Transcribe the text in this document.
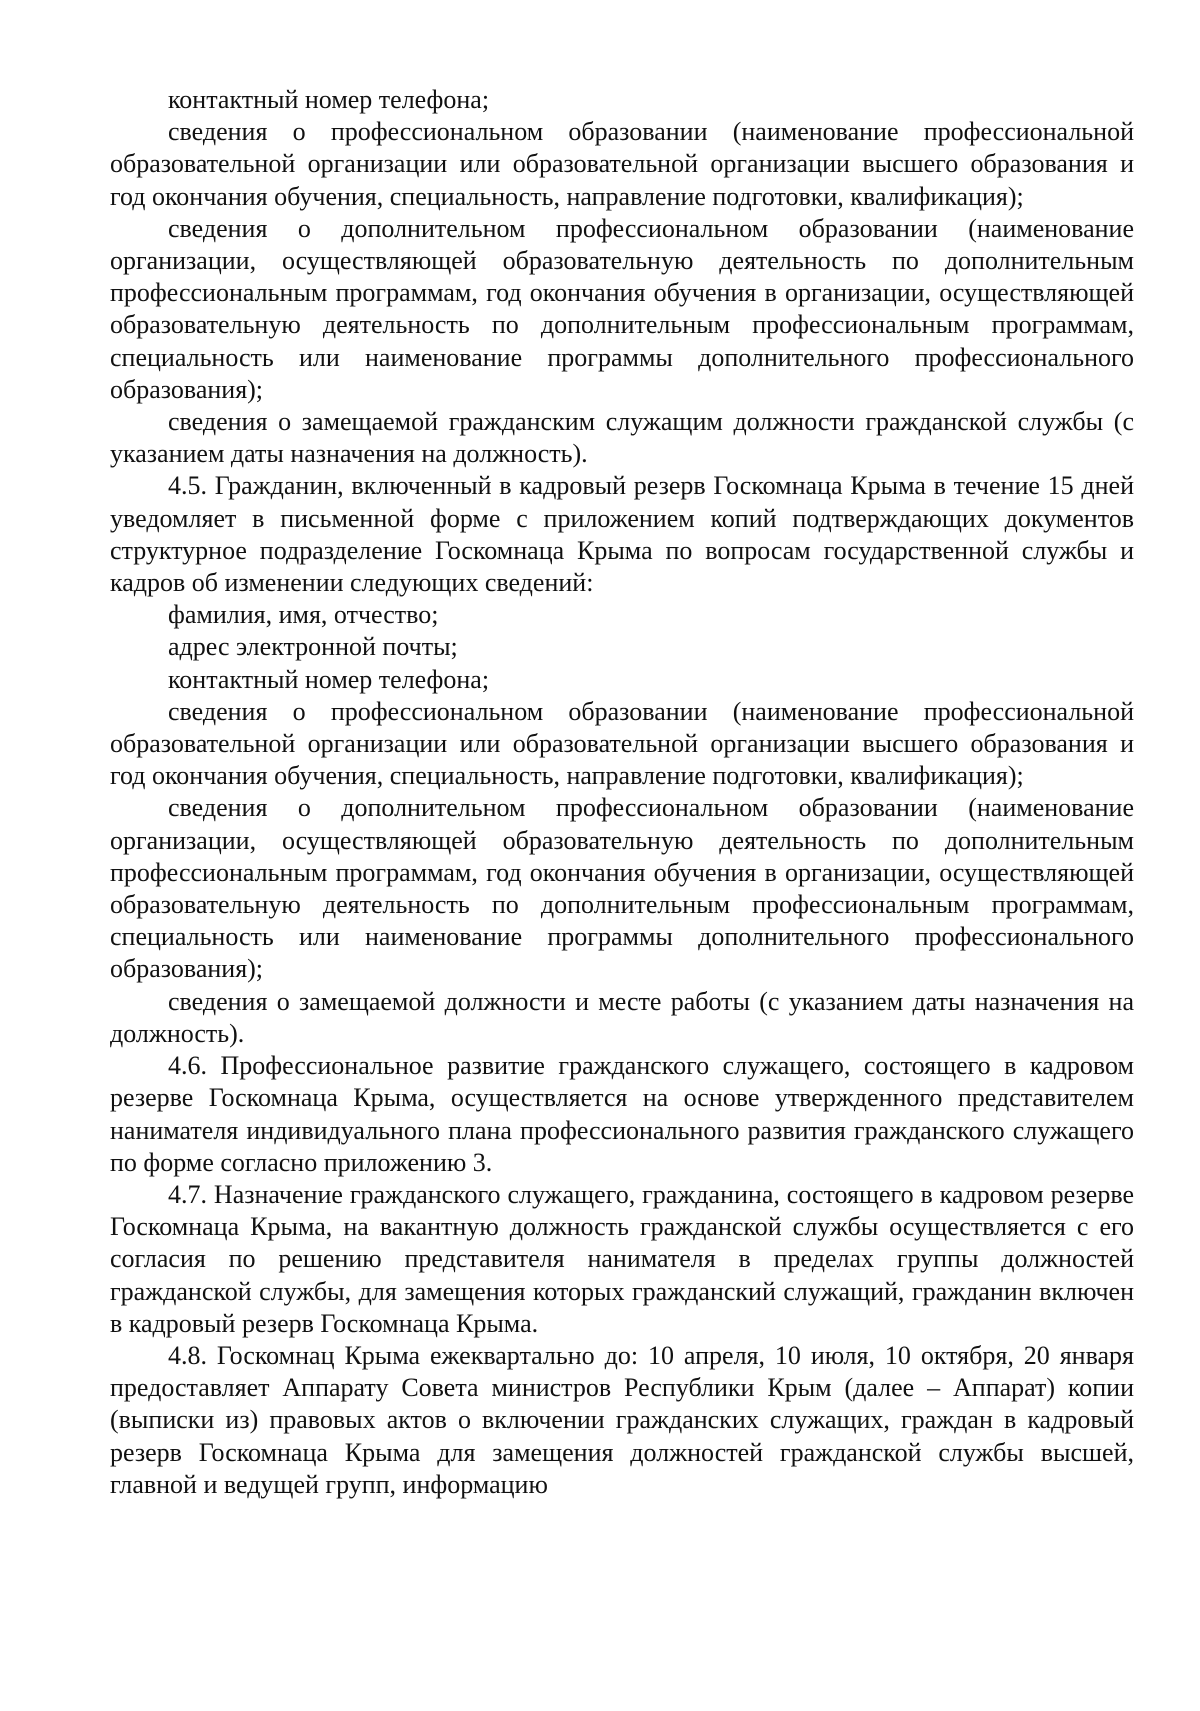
контактный номер телефона;

сведения о профессиональном образовании (наименование профессиональной образовательной организации или образовательной организации высшего образования и год окончания обучения, специальность, направление подготовки, квалификация);

сведения о дополнительном профессиональном образовании (наименование организации, осуществляющей образовательную деятельность по дополнительным профессиональным программам, год окончания обучения в организации, осуществляющей образовательную деятельность по дополнительным профессиональным программам, специальность или наименование программы дополнительного профессионального образования);

сведения о замещаемой гражданским служащим должности гражданской службы (с указанием даты назначения на должность).

4.5. Гражданин, включенный в кадровый резерв Госкомнаца Крыма в течение 15 дней уведомляет в письменной форме с приложением копий подтверждающих документов структурное подразделение Госкомнаца Крыма по вопросам государственной службы и кадров об изменении следующих сведений:

фамилия, имя, отчество;

адрес электронной почты;

контактный номер телефона;

сведения о профессиональном образовании (наименование профессиональной образовательной организации или образовательной организации высшего образования и год окончания обучения, специальность, направление подготовки, квалификация);

сведения о дополнительном профессиональном образовании (наименование организации, осуществляющей образовательную деятельность по дополнительным профессиональным программам, год окончания обучения в организации, осуществляющей образовательную деятельность по дополнительным профессиональным программам, специальность или наименование программы дополнительного профессионального образования);

сведения о замещаемой должности и месте работы (с указанием даты назначения на должность).

4.6. Профессиональное развитие гражданского служащего, состоящего в кадровом резерве Госкомнаца Крыма, осуществляется на основе утвержденного представителем нанимателя индивидуального плана профессионального развития гражданского служащего по форме согласно приложению 3.

4.7. Назначение гражданского служащего, гражданина, состоящего в кадровом резерве Госкомнаца Крыма, на вакантную должность гражданской службы осуществляется с его согласия по решению представителя нанимателя в пределах группы должностей гражданской службы, для замещения которых гражданский служащий, гражданин включен в кадровый резерв Госкомнаца Крыма.

4.8. Госкомнац Крыма ежеквартально до: 10 апреля, 10 июля, 10 октября, 20 января предоставляет Аппарату Совета министров Республики Крым (далее – Аппарат) копии (выписки из) правовых актов о включении гражданских служащих, граждан в кадровый резерв Госкомнаца Крыма для замещения должностей гражданской службы высшей, главной и ведущей групп, информацию
